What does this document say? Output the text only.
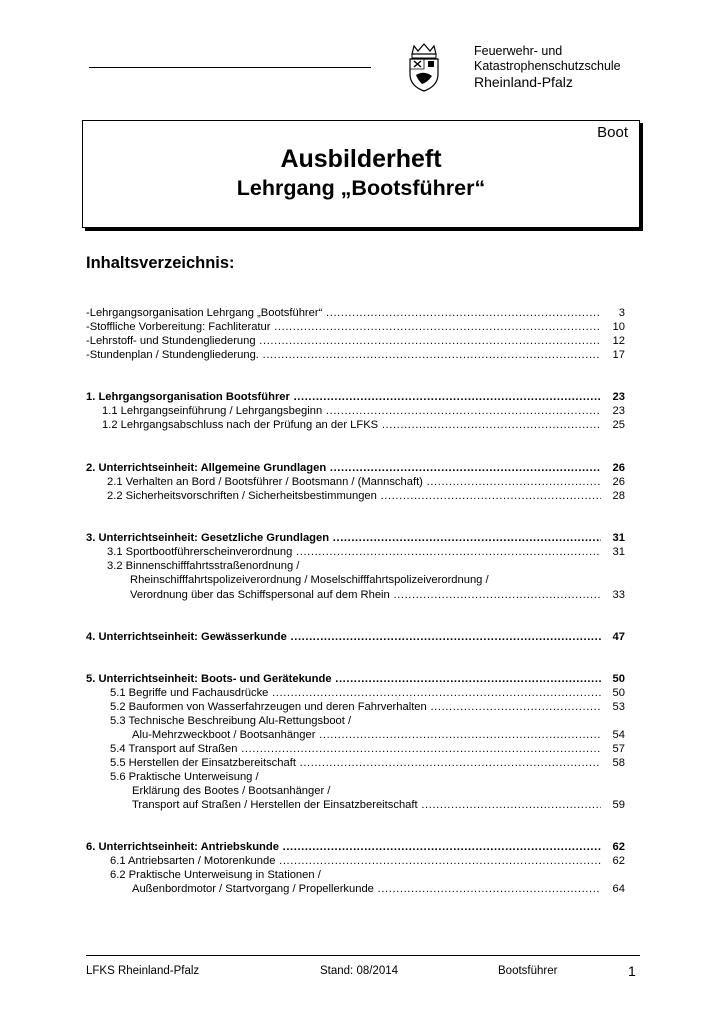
Feuerwehr- und
Katastrophenschutzschule
Rheinland-Pfalz
Boot
Ausbilderheft
Lehrgang „Bootsführer“
Inhaltsverzeichnis:
-Lehrgangsorganisation Lehrgang „Bootsführer“ .....	3
-Stoffliche Vorbereitung: Fachliteratur .....	10
-Lehrstoff- und Stundengliederung .....	12
-Stundenplan / Stundengliederung. .....	17
1. Lehrgangsorganisation Bootsführer .....	23
1.1 Lehrgangseinführung / Lehrgangsbeginn .....	23
1.2 Lehrgangsabschluss nach der Prüfung an der LFKS .....	25
2. Unterrichtseinheit: Allgemeine Grundlagen .....	26
2.1 Verhalten an Bord / Bootsführer / Bootsmann / (Mannschaft) .....	26
2.2 Sicherheitsvorschriften / Sicherheitsbestimmungen .....	28
3. Unterrichtseinheit: Gesetzliche Grundlagen .....	31
3.1 Sportbootführerscheinverordnung .....	31
3.2 Binnenschifffahrtsstraßenordnung /
Rheinschifffahrtspolizeiverordnung / Moselschifffahrtspolizeiverordnung /
Verordnung über das Schiffspersonal auf dem Rhein .....	33
4. Unterrichtseinheit: Gewässerkunde .....	47
5. Unterrichtseinheit: Boots- und Gerätekunde .....	50
5.1 Begriffe und Fachausdrücke .....	50
5.2 Bauformen von Wasserfahrzeugen und deren Fahrverhalten .....	53
5.3 Technische Beschreibung Alu-Rettungsboot /
Alu-Mehrzweckboot / Bootsanhänger .....	54
5.4 Transport auf Straßen .....	57
5.5 Herstellen der Einsatzbereitschaft .....	58
5.6 Praktische Unterweisung /
Erklärung des Bootes / Bootsanhänger /
Transport auf Straßen / Herstellen der Einsatzbereitschaft .....	59
6. Unterrichtseinheit: Antriebskunde .....	62
6.1 Antriebsarten / Motorenkunde .....	62
6.2 Praktische Unterweisung in Stationen /
Außenbordmotor / Startvorgang / Propellerkunde .....	64
LFKS Rheinland-Pfalz	Stand: 08/2014	Bootsführer	1
